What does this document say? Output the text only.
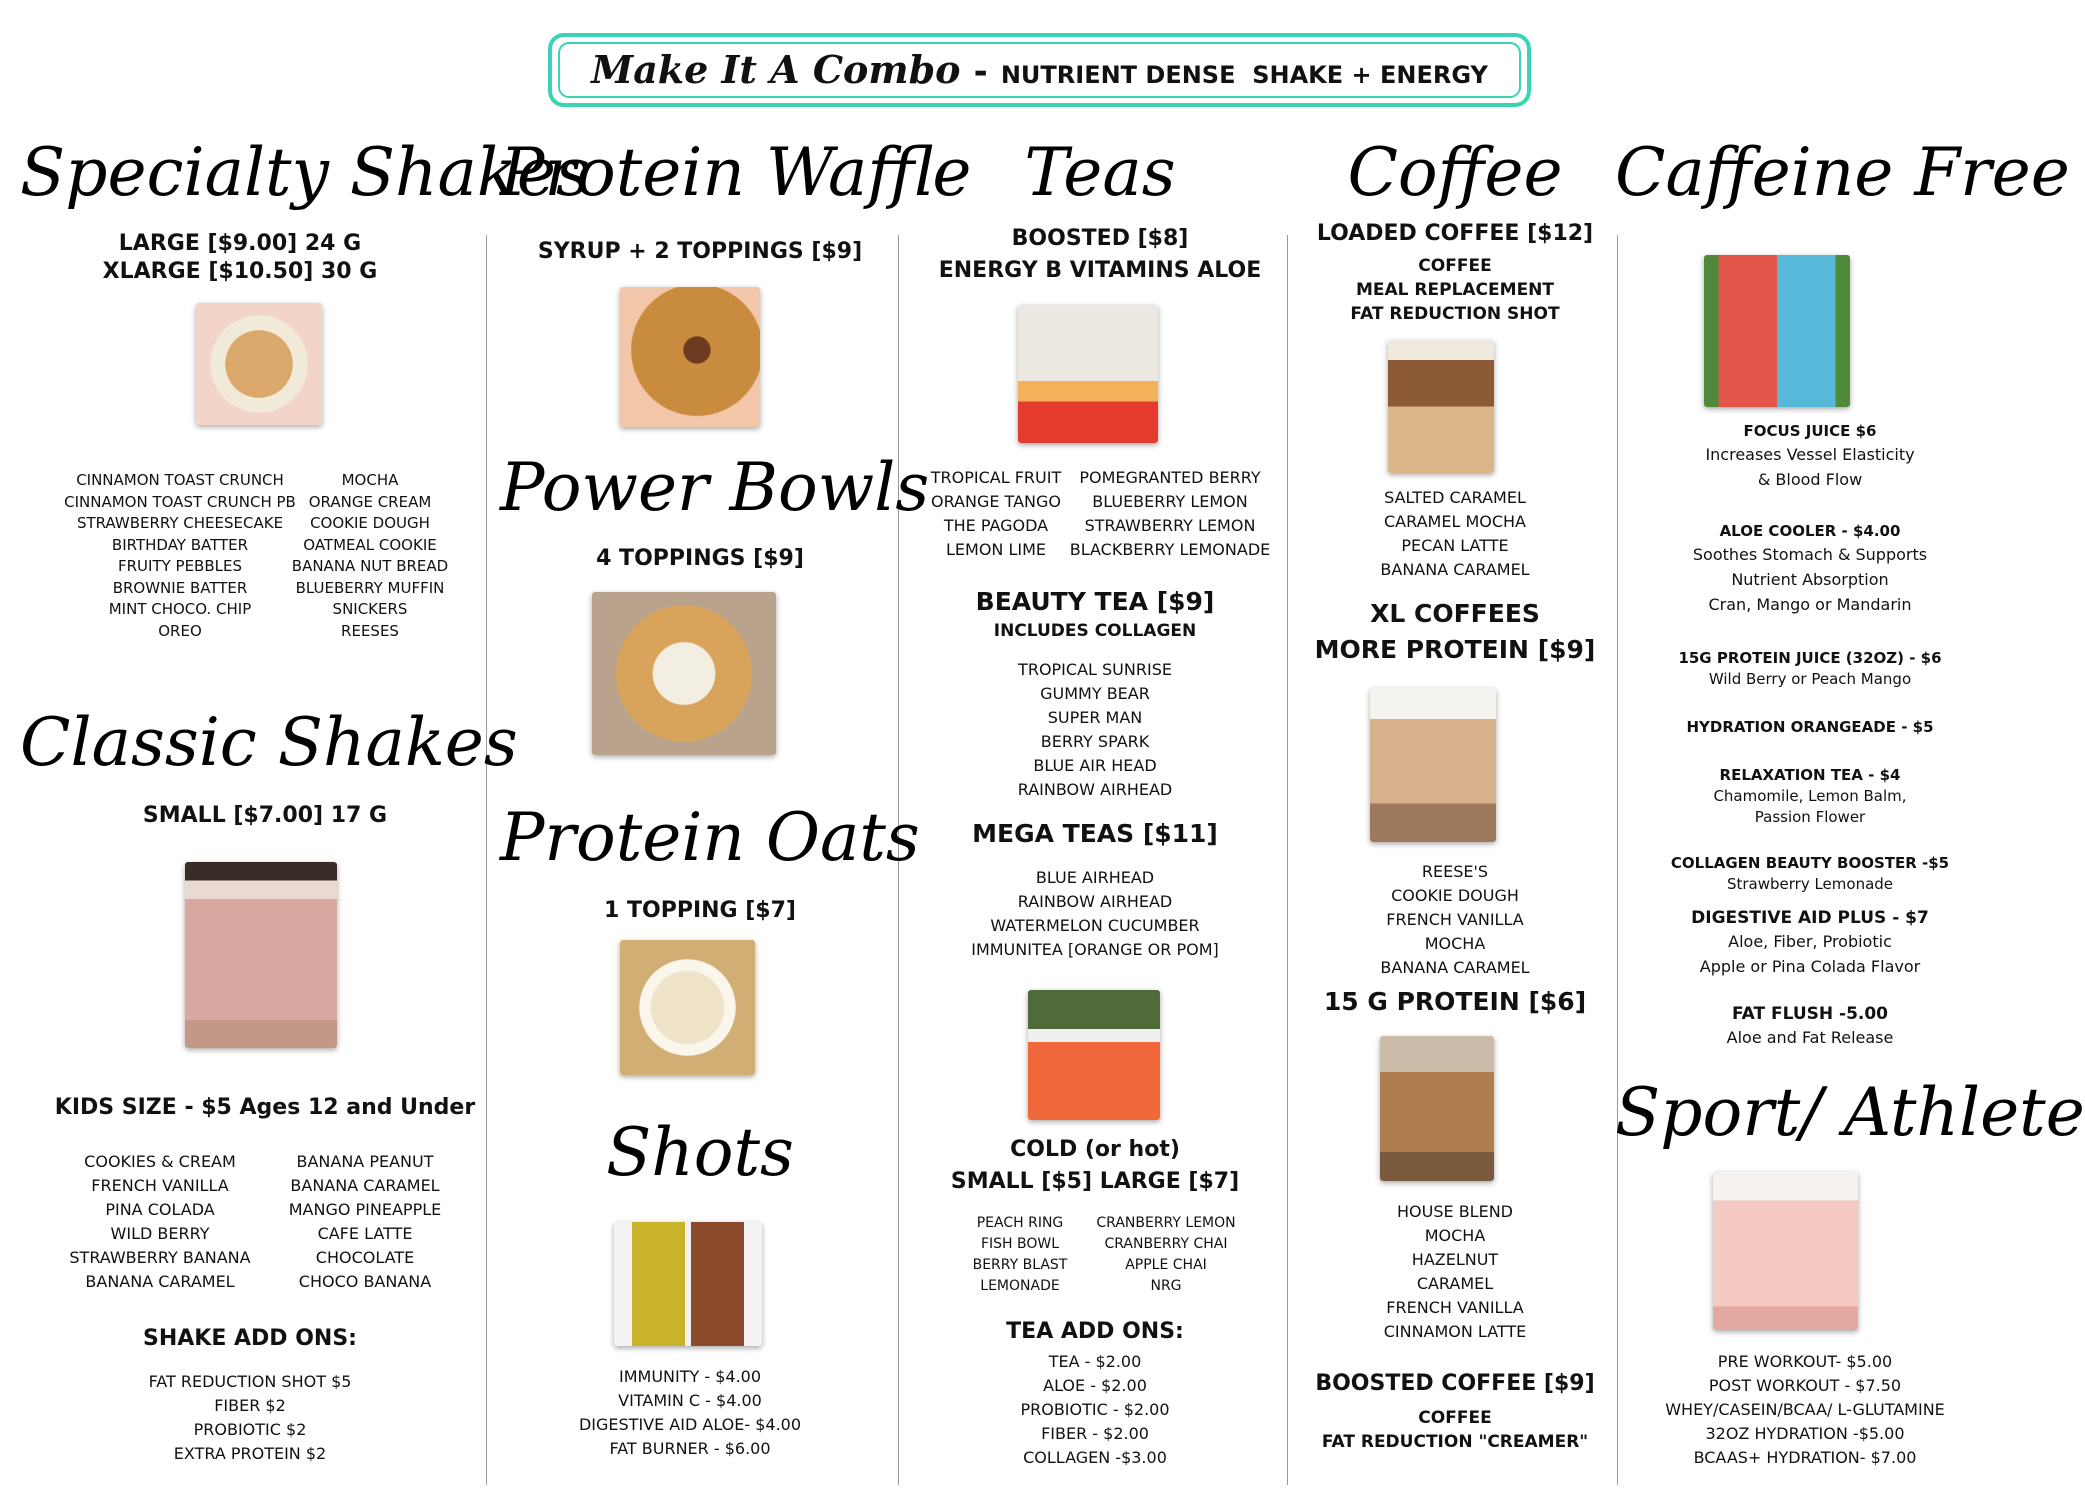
Make It A Combo - NUTRIENT DENSE  SHAKE + ENERGY
Specialty Shakes
LARGE [$9.00] 24 G
XLARGE [$10.50] 30 G
CINNAMON TOAST CRUNCH
CINNAMON TOAST CRUNCH PB
STRAWBERRY CHEESECAKE
BIRTHDAY BATTER
FRUITY PEBBLES
BROWNIE BATTER
MINT CHOCO. CHIP
OREO
MOCHA
ORANGE CREAM
COOKIE DOUGH
OATMEAL COOKIE
BANANA NUT BREAD
BLUEBERRY MUFFIN
SNICKERS
REESES
Classic Shakes
SMALL [$7.00] 17 G
KIDS SIZE - $5 Ages 12 and Under
COOKIES & CREAM
FRENCH VANILLA
PINA COLADA
WILD BERRY
STRAWBERRY BANANA
BANANA CARAMEL
BANANA PEANUT
BANANA CARAMEL
MANGO PINEAPPLE
CAFE LATTE
CHOCOLATE
CHOCO BANANA
SHAKE ADD ONS:
FAT REDUCTION SHOT $5
FIBER $2
PROBIOTIC $2
EXTRA PROTEIN $2
Protein Waffle
SYRUP + 2 TOPPINGS [$9]
Power Bowls
4 TOPPINGS [$9]
Protein Oats
1 TOPPING [$7]
Shots
IMMUNITY - $4.00
VITAMIN C - $4.00
DIGESTIVE AID ALOE- $4.00
FAT BURNER - $6.00
Teas
BOOSTED [$8]
ENERGY B VITAMINS ALOE
TROPICAL FRUIT
ORANGE TANGO
THE PAGODA
LEMON LIME
POMEGRANTED BERRY
BLUEBERRY LEMON
STRAWBERRY LEMON
BLACKBERRY LEMONADE
BEAUTY TEA [$9]
INCLUDES COLLAGEN
TROPICAL SUNRISE
GUMMY BEAR
SUPER MAN
BERRY SPARK
BLUE AIR HEAD
RAINBOW AIRHEAD
MEGA TEAS [$11]
BLUE AIRHEAD
RAINBOW AIRHEAD
WATERMELON CUCUMBER
IMMUNITEA [ORANGE OR POM]
COLD (or hot)
SMALL [$5] LARGE [$7]
PEACH RING
FISH BOWL
BERRY BLAST
LEMONADE
CRANBERRY LEMON
CRANBERRY CHAI
APPLE CHAI
NRG
TEA ADD ONS:
TEA - $2.00
ALOE - $2.00
PROBIOTIC - $2.00
FIBER - $2.00
COLLAGEN -$3.00
Coffee
LOADED COFFEE [$12]
COFFEE
MEAL REPLACEMENT
FAT REDUCTION SHOT
SALTED CARAMEL
CARAMEL MOCHA
PECAN LATTE
BANANA CARAMEL
XL COFFEES
MORE PROTEIN [$9]
REESE'S
COOKIE DOUGH
FRENCH VANILLA
MOCHA
BANANA CARAMEL
15 G PROTEIN [$6]
HOUSE BLEND
MOCHA
HAZELNUT
CARAMEL
FRENCH VANILLA
CINNAMON LATTE
BOOSTED COFFEE [$9]
COFFEE
FAT REDUCTION "CREAMER"
Caffeine Free
FOCUS JUICE $6
Increases Vessel Elasticity
& Blood Flow
ALOE COOLER - $4.00
Soothes Stomach & Supports
Nutrient Absorption
Cran, Mango or Mandarin
15G PROTEIN JUICE (32OZ) - $6
Wild Berry or Peach Mango
HYDRATION ORANGEADE - $5
RELAXATION TEA - $4
Chamomile, Lemon Balm,
Passion Flower
COLLAGEN BEAUTY BOOSTER -$5
Strawberry Lemonade
DIGESTIVE AID PLUS - $7
Aloe, Fiber, Probiotic
Apple or Pina Colada Flavor
FAT FLUSH -5.00
Aloe and Fat Release
Sport/ Athlete
PRE WORKOUT- $5.00
POST WORKOUT - $7.50
WHEY/CASEIN/BCAA/ L-GLUTAMINE
32OZ HYDRATION -$5.00
BCAAS+ HYDRATION- $7.00
